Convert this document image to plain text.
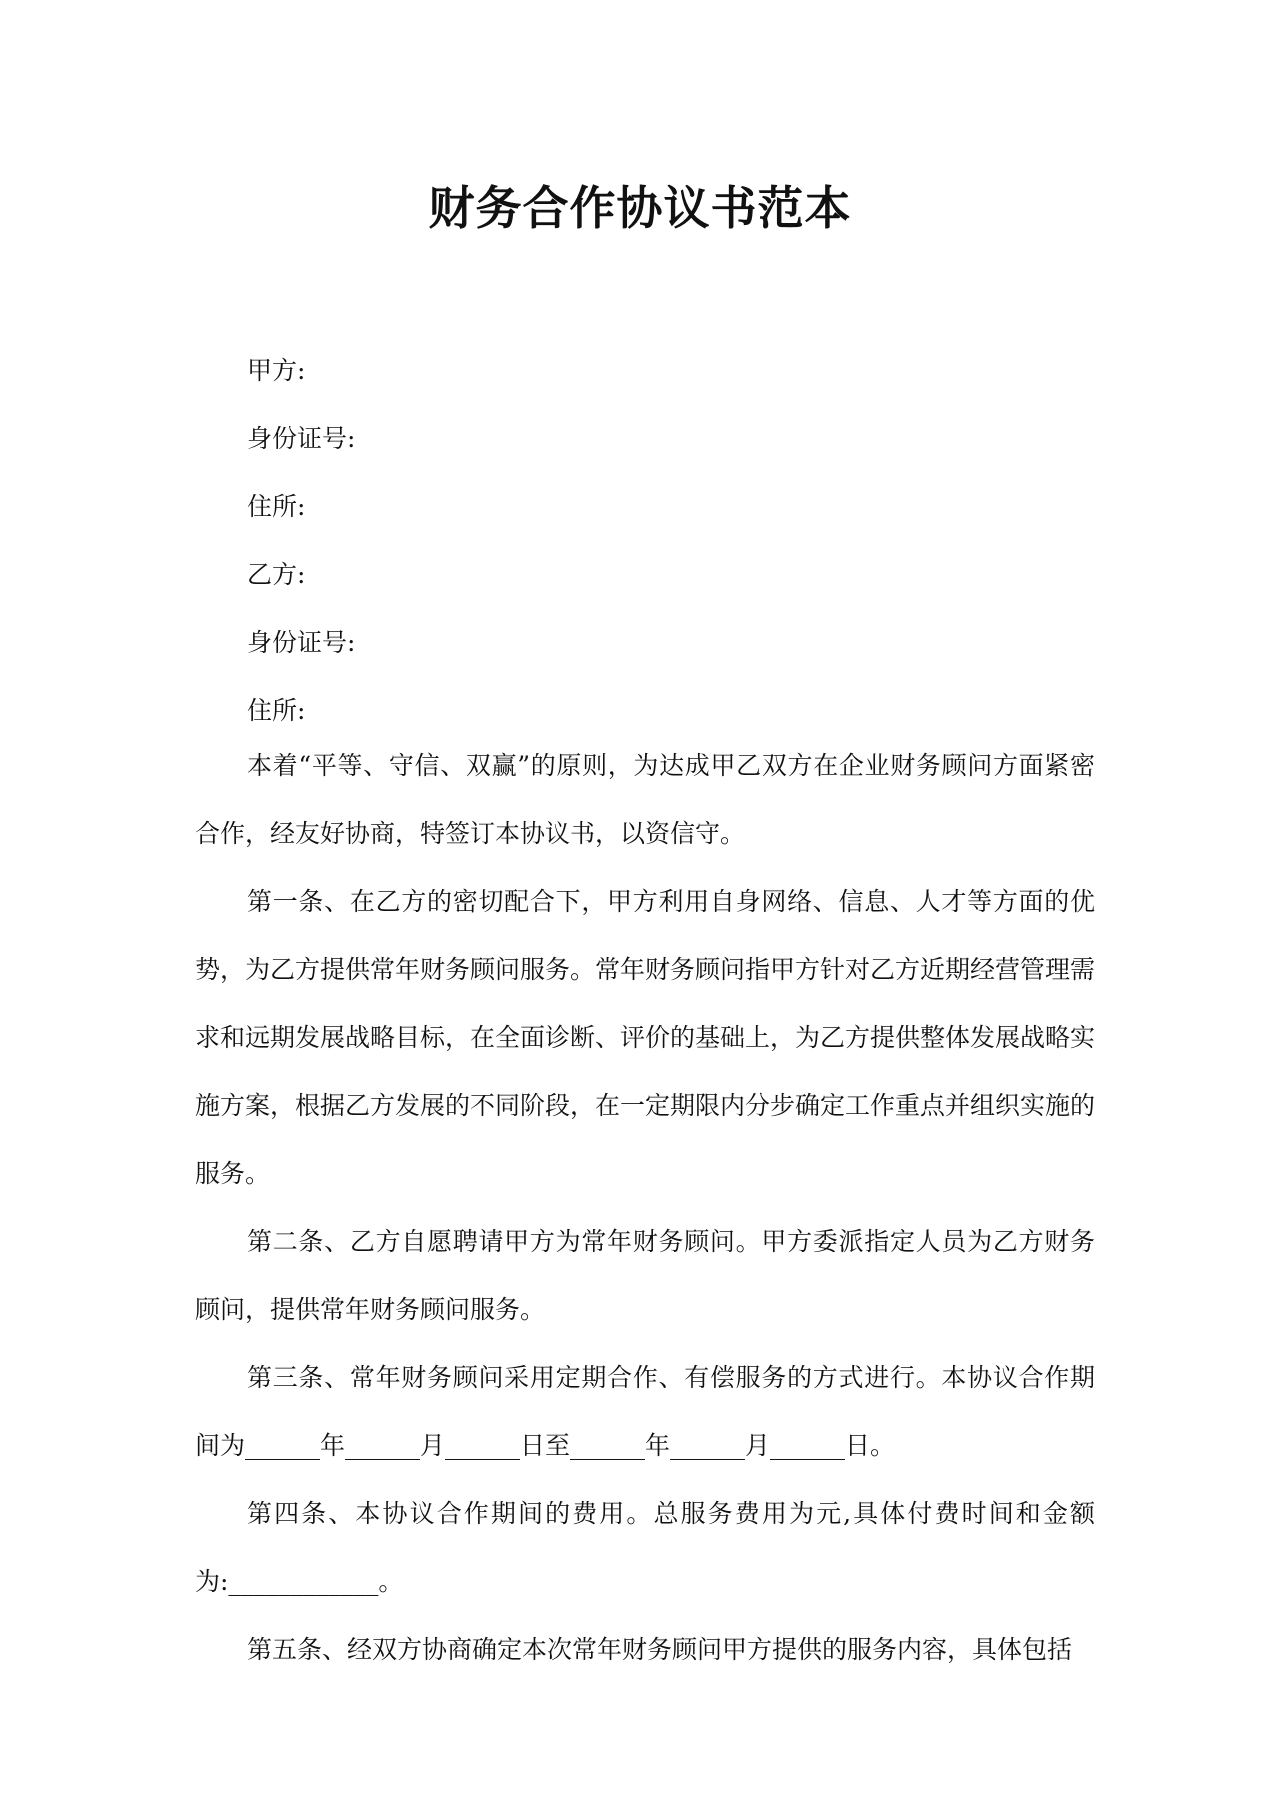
财务合作协议书范本
甲方:
身份证号:
住所:
乙方:
身份证号:
住所:

本着“平等、守信、双赢”的原则，为达成甲乙双方在企业财务顾问方面紧密合作，经友好协商，特签订本协议书，以资信守。

第一条、在乙方的密切配合下，甲方利用自身网络、信息、人才等方面的优势，为乙方提供常年财务顾问服务。常年财务顾问指甲方针对乙方近期经营管理需求和远期发展战略目标，在全面诊断、评价的基础上，为乙方提供整体发展战略实施方案，根据乙方发展的不同阶段，在一定期限内分步确定工作重点并组织实施的服务。

第二条、乙方自愿聘请甲方为常年财务顾问。甲方委派指定人员为乙方财务顾问，提供常年财务顾问服务。

第三条、常年财务顾问采用定期合作、有偿服务的方式进行。本协议合作期间为______年______月______日至______年______月______日。

第四条、本协议合作期间的费用。总服务费用为元,具体付费时间和金额为:____________。

第五条、经双方协商确定本次常年财务顾问甲方提供的服务内容，具体包括
